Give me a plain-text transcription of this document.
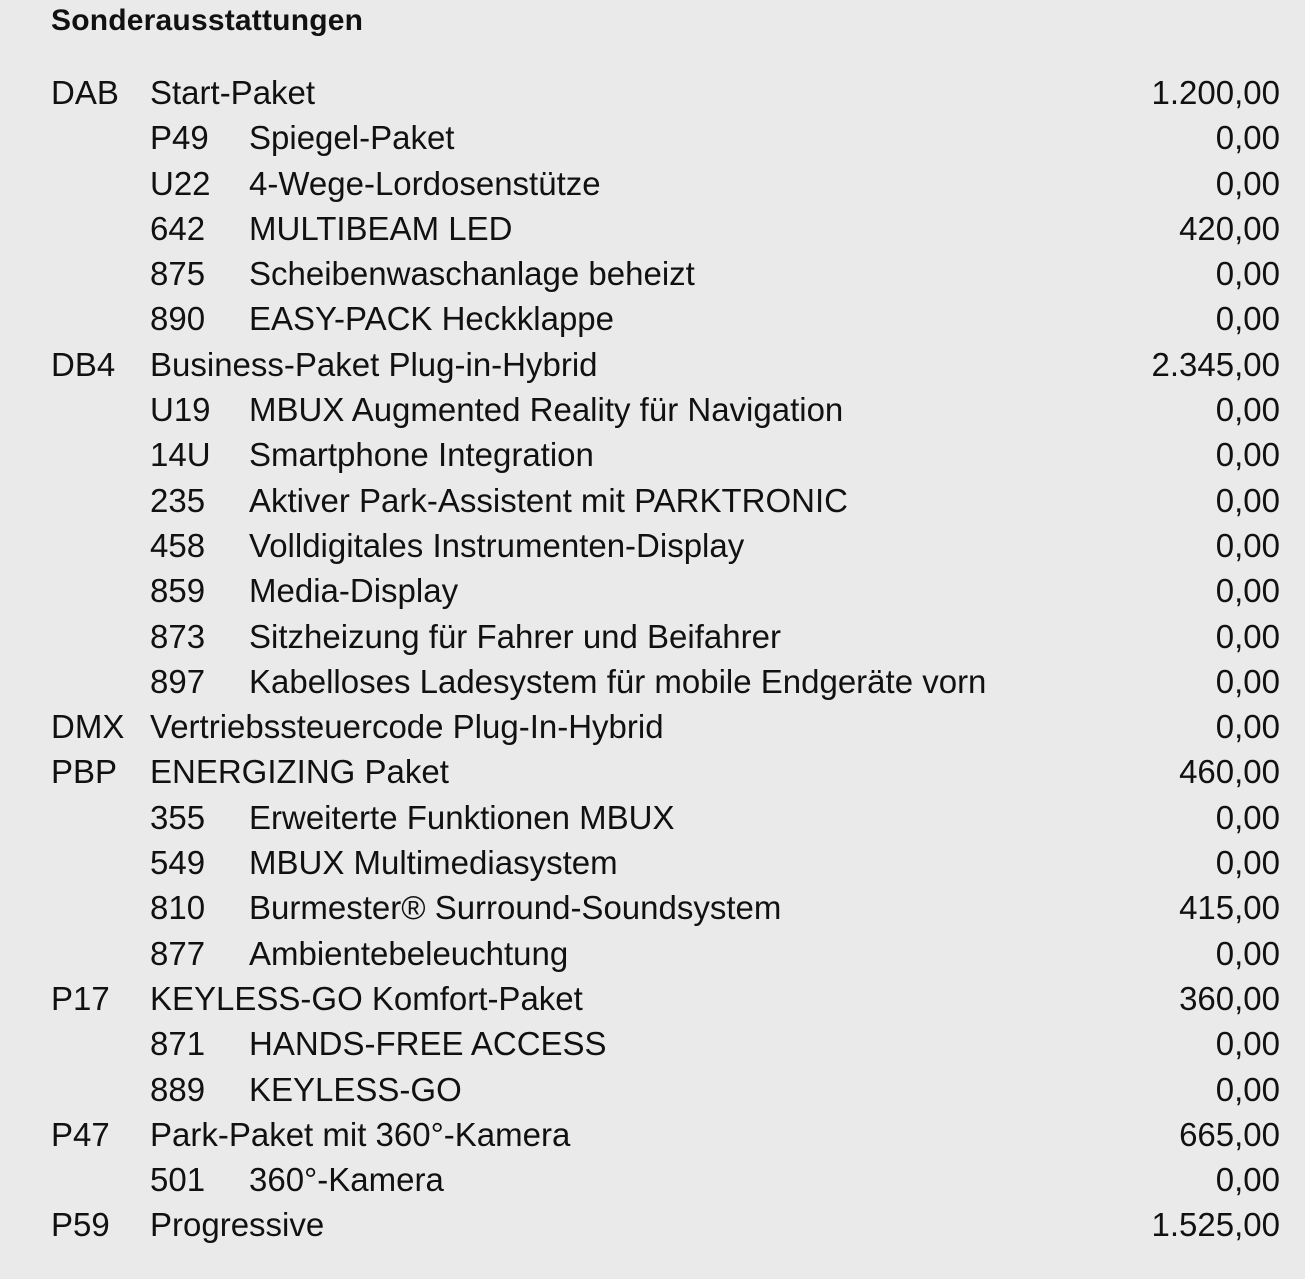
Sonderausstattungen
DAB Start-Paket	1.200,00
P49 Spiegel-Paket	0,00
U22 4-Wege-Lordosenstütze	0,00
642 MULTIBEAM LED	420,00
875 Scheibenwaschanlage beheizt	0,00
890 EASY-PACK Heckklappe	0,00
DB4 Business-Paket Plug-in-Hybrid	2.345,00
U19 MBUX Augmented Reality für Navigation	0,00
14U Smartphone Integration	0,00
235 Aktiver Park-Assistent mit PARKTRONIC	0,00
458 Volldigitales Instrumenten-Display	0,00
859 Media-Display	0,00
873 Sitzheizung für Fahrer und Beifahrer	0,00
897 Kabelloses Ladesystem für mobile Endgeräte vorn	0,00
DMX Vertriebssteuercode Plug-In-Hybrid	0,00
PBP ENERGIZING Paket	460,00
355 Erweiterte Funktionen MBUX	0,00
549 MBUX Multimediasystem	0,00
810 Burmester® Surround-Soundsystem	415,00
877 Ambientebeleuchtung	0,00
P17 KEYLESS-GO Komfort-Paket	360,00
871 HANDS-FREE ACCESS	0,00
889 KEYLESS-GO	0,00
P47 Park-Paket mit 360°-Kamera	665,00
501 360°-Kamera	0,00
P59 Progressive	1.525,00
